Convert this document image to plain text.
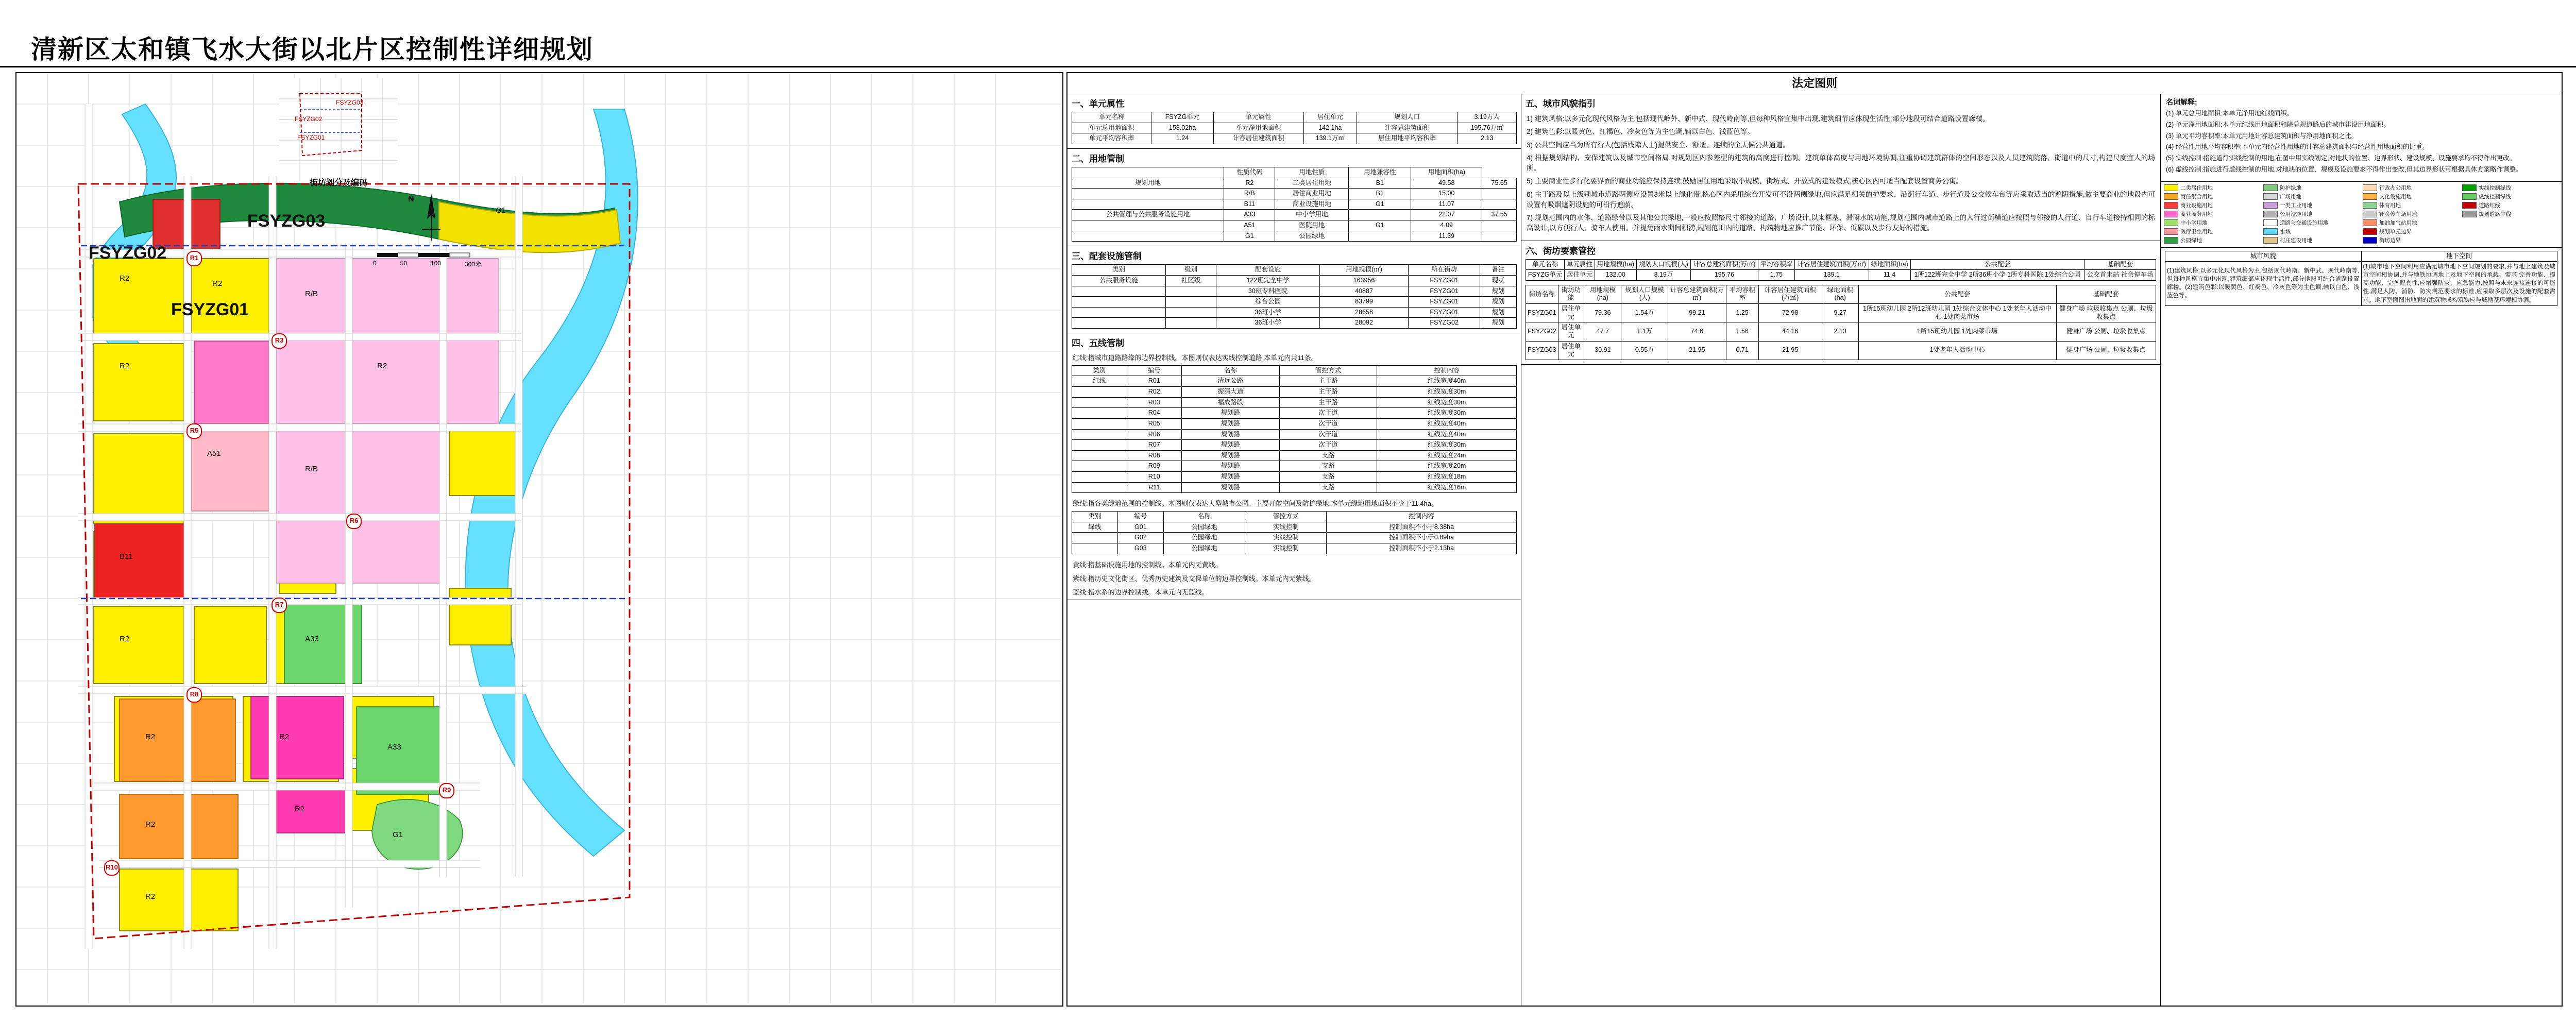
清新区太和镇飞水大街以北片区控制性详细规划
FSYZG03
FSYZG02
FSYZG01
R2
R2
R2
R/B
R2
A51
R/B
B11
R2	A33
R2	R2
A33
R2
R2
G1
R2
G1
R1
R3
R5
R6
R7
R8
R9
R10
FSYZG02
FSYZG03
FSYZG01
街坊划分及编码
N
0	50	100	300米
法定图则
一、单元属性
单元名称	FSYZG单元	单元属性	居住单元	规划人口	3.19万人
单元总用地面积	158.02ha	单元净用地面积	142.1ha	计容总建筑面积	195.76万㎡
单元平均容积率	1.24	计容居住建筑面积	139.1万㎡	居住用地平均容积率	2.13
二、用地管制
	性质代码	用地性质	用地兼容性	用地面积(ha)	
规划用地	R2	二类居住用地	B1	49.58	75.65
	R/B	居住商业用地	B1	15.00	
	B11	商业设施用地	G1	11.07	
公共管理与公共服务设施用地	A33	中小学用地		22.07	37.55
	A51	医院用地	G1	4.09	
	G1	公园绿地		11.39	
三、配套设施管制
类别	级别	配套设施	用地规模(㎡)	所在街坊	备注
公共服务设施	社区级	122班完全中学	163956	FSYZG01	现状
		30班专科医院	40887	FSYZG01	规划
		综合公园	83799	FSYZG01	规划
		36班小学	28658	FSYZG01	规划
		36班小学	28092	FSYZG02	规划
四、五线管制
红线:指城市道路路缘的边界控制线。本图则仅表达实线控制道路,本单元内共11条。
类别	编号	名称	管控方式	控制内容
红线	R01	清远公路	主干路	红线宽度40m
	R02	振清大道	主干路	红线宽度30m
	R03	福成路段	主干路	红线宽度30m
	R04	规划路	次干道	红线宽度30m
	R05	规划路	次干道	红线宽度40m
	R06	规划路	次干道	红线宽度40m
	R07	规划路	次干道	红线宽度30m
	R08	规划路	支路	红线宽度24m
	R09	规划路	支路	红线宽度20m
	R10	规划路	支路	红线宽度18m
	R11	规划路	支路	红线宽度16m
绿线:指各类绿地范围的控制线。本图则仅表达大型城市公园、主要开敞空间及防护绿地,本单元绿地用地面积不少于11.4ha。
类别	编号	名称	管控方式	控制内容
绿线	G01	公园绿地	实线控制	控制面积不小于8.38ha
	G02	公园绿地	实线控制	控制面积不小于0.89ha
	G03	公园绿地	实线控制	控制面积不小于2.13ha
黄线:指基础设施用地的控制线。本单元内无黄线。
紫线:指历史文化街区、优秀历史建筑及文保单位的边界控制线。本单元内无紫线。
蓝线:指水系的边界控制线。本单元内无蓝线。
五、城市风貌指引

1) 建筑风格:以多元化现代风格为主,包括现代岭外、新中式、现代岭南等,但每种风格宜集中出现,建筑细节应体现生活性,部分地段可结合道路设置廊楼。

2) 建筑色彩:以暖黄色、红褐色、冷灰色等为主色调,辅以白色、浅蓝色等。

3) 公共空间应当为所有行人(包括残障人士)提供安全、舒适、连续的全天候公共通道。

4) 根据规划结构、安保建筑以及城市空间格局,对规划区内参差型的建筑的高度进行控制。建筑单体高度与用地环境协调,注重协调建筑群体的空间形态以及人员建筑院落、街道中的尺寸,构建尺度宜人的场所。

5) 主要商业性步行化要界面的商业功能应保持连续;鼓励居住用地采取小规模、街坊式、开放式的建设模式,核心区内可适当配套设置商务公寓。

6) 主干路及以上级别城市道路两侧应设置3米以上绿化带,核心区内采用综合开发可不设两侧绿地,但应满足相关的护要求、沿街行车道、步行道及公交候车台等应采取适当的遮阴措施,做主要商业的地段内可设置有吸烟遮阴设施的可沿行遮荫。

7) 规划范围内的水体、道路绿带以及其他公共绿地,一般应按照格尺寸邻接的道路、广场设计,以来框基、滞雨水的功能,规划范围内城市道路上的人行过街横道应按照与邻接的人行道、自行车道接持相同的标高设计,以方便行人、骑车人使用。并提免雨水期间积涝,规划范围内的道路、构筑物地应推广节能、环保、低碳以及步行友好的措施。

六、街坊要素管控
单元名称	单元属性	用地规模(ha)	规划人口规模(人)	计容总建筑面积(万㎡)	平均容积率	计容居住建筑面积(万㎡)	绿地面积(ha)	公共配套	基础配套
FSYZG单元	居住单元	132.00	3.19万	195.76	1.75	139.1	11.4	1所122班完全中学 2所36班小学 1所专科医院 1处综合公园	公交首末站 社会停车场
街坊名称	街坊功能	用地规模(ha)	规划人口规模(人)	计容总建筑面积(万㎡)	平均容积率	计容居住建筑面积(万㎡)	绿地面积(ha)	公共配套	基础配套
FSYZG01	居住单元	79.36	1.54万	99.21	1.25	72.98	9.27	1所15班幼儿园 2所12班幼儿园 1处综合文体中心 1处老年人活动中心 1处肉菜市场	健身广场 垃圾收集点 公厕、垃圾收集点
FSYZG02	居住单元	47.7	1.1万	74.6	1.56	44.16	2.13	1所15班幼儿园 1处肉菜市场	健身广场 公厕、垃圾收集点
FSYZG03	居住单元	30.91	0.55万	21.95	0.71	21.95		1处老年人活动中心	健身广场 公厕、垃圾收集点
名词解释:

(1) 单元总用地面积:本单元净用地红线面积。

(2) 单元净用地面积:本单元红线用地面积和除总规道路后的城市建设用地面积。

(3) 单元平均容积率:本单元用地计容总建筑面积与净用地面积之比。

(4) 经营性用地平均容积率:本单元内经营性用地的计容总建筑面积与经营性用地面积的比重。

(5) 实线控制:指施道行实线控制的用地,在图中用实线划定,对地块的位置、边界形状、建设规模、设施要求均不得作出更改。

(6) 虚线控制:指施进行虚线控制的用地,对地块的位置、规模及设施要求不得作出变改,但其边界形状可根据具体方案略作调整。

二类居住用地
商住混合用地
商业设施用地
商业商务用地
中小学用地
医疗卫生用地
公园绿地
防护绿地
广场用地
一类工业用地
公用设施用地
道路与交通设施用地
水域
村庄建设用地
行政办公用地
文化设施用地
体育用地
社会停车场用地
加油加气站用地
规划单元边界
街坊边界
实线控制绿线
虚线控制绿线
道路红线
规划道路中线
城市风貌	地下空间
(1)建筑风格:以多元化现代风格为主,包括现代岭南、新中式、现代岭南等,但每种风格宜集中出现,建筑细部应体现生活性,部分地段可结合道路设置廊楼。(2)建筑色彩:以暖黄色、红褐色、冷灰色等为主色调,辅以白色、浅蓝色等。	(1)城市地下空间利用应满足城市地下空间规划的要求,并与地上建筑及城市空间相协调,并与地铁协调地上及地下空间的承载、需求,完善功能、提高功能、完善配套性,应增强防灾、应急能力,按照与未来连接连接的可能性,满足人防、消防、防灾规范要求的标准,应采取多层次及设施的配套需求。地下室面图出地面的建筑物或构筑物应与城地基环境相协调。
